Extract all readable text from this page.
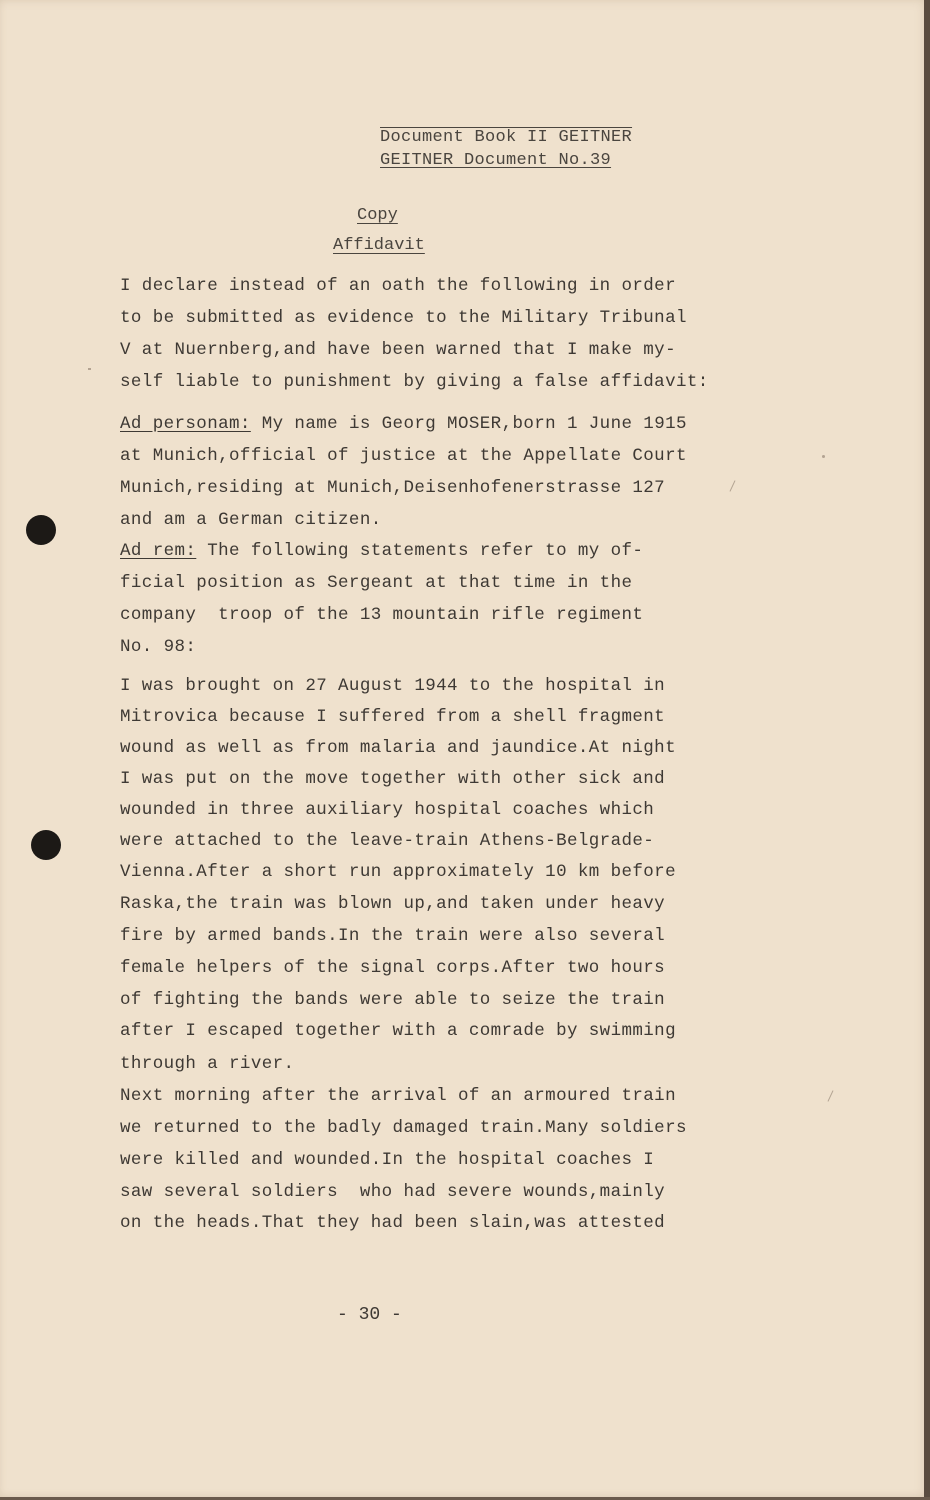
Document Book II GEITNER
GEITNER Document No.39
Copy
Affidavit
I declare instead of an oath the following in order
to be submitted as evidence to the Military Tribunal
V at Nuernberg,and have been warned that I make my-
self liable to punishment by giving a false affidavit:
Ad personam: My name is Georg MOSER,born 1 June 1915
at Munich,official of justice at the Appellate Court
Munich,residing at Munich,Deisenhofenerstrasse 127
and am a German citizen.
Ad rem: The following statements refer to my of-
ficial position as Sergeant at that time in the
company  troop of the 13 mountain rifle regiment
No. 98:
I was brought on 27 August 1944 to the hospital in
Mitrovica because I suffered from a shell fragment
wound as well as from malaria and jaundice.At night
I was put on the move together with other sick and
wounded in three auxiliary hospital coaches which
were attached to the leave-train Athens-Belgrade-
Vienna.After a short run approximately 10 km before
Raska,the train was blown up,and taken under heavy
fire by armed bands.In the train were also several
female helpers of the signal corps.After two hours
of fighting the bands were able to seize the train
after I escaped together with a comrade by swimming
through a river.
Next morning after the arrival of an armoured train
we returned to the badly damaged train.Many soldiers
were killed and wounded.In the hospital coaches I
saw several soldiers  who had severe wounds,mainly
on the heads.That they had been slain,was attested
- 30 -
